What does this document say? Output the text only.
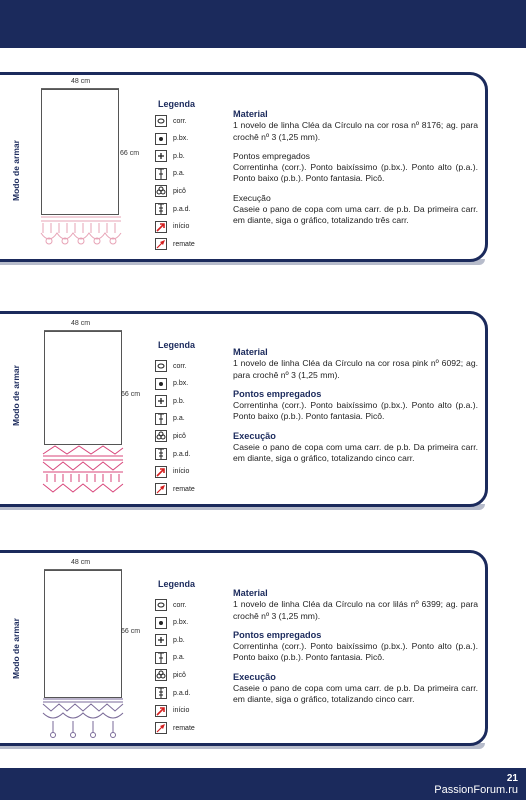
Modo de armar
48 cm
66 cm
Legenda

Material

1 novelo de linha Cléa da Círculo na cor rosa nº 8176; ag. para crochê nº 3 (1,25 mm).

Pontos empregados

Correntinha (corr.). Ponto baixíssimo (p.bx.). Ponto alto (p.a.). Ponto baixo (p.b.). Ponto fantasia. Picô.

Execução

Caseie o pano de copa com uma carr. de p.b. Da primeira carr. em diante, siga o gráfico, totalizando três carr.

corr.
p.bx.
p.b.
p.a.
picô
p.a.d.
início
remate
Modo de armar
48 cm
66 cm
Legenda

Material

1 novelo de linha Cléa da Círculo na cor rosa pink nº 6092; ag. para crochê nº 3 (1,25 mm).

Pontos empregados

Correntinha (corr.). Ponto baixíssimo (p.bx.). Ponto alto (p.a.). Ponto baixo (p.b.). Ponto fantasia. Picô.

Execução

Caseie o pano de copa com uma carr. de p.b. Da primeira carr. em diante, siga o gráfico, totalizando cinco carr.

corr.
p.bx.
p.b.
p.a.
picô
p.a.d.
início
remate
Modo de armar
48 cm
66 cm
Legenda

Material

1 novelo de linha Cléa da Círculo na cor lilás nº 6399; ag. para crochê nº 3 (1,25 mm).

Pontos empregados

Correntinha (corr.). Ponto baixíssimo (p.bx.). Ponto alto (p.a.). Ponto baixo (p.b.). Ponto fantasia. Picô.

Execução

Caseie o pano de copa com uma carr. de p.b. Da primeira carr. em diante, siga o gráfico, totalizando cinco carr.

corr.
p.bx.
p.b.
p.a.
picô
p.a.d.
início
remate
21
PassionForum.ru
